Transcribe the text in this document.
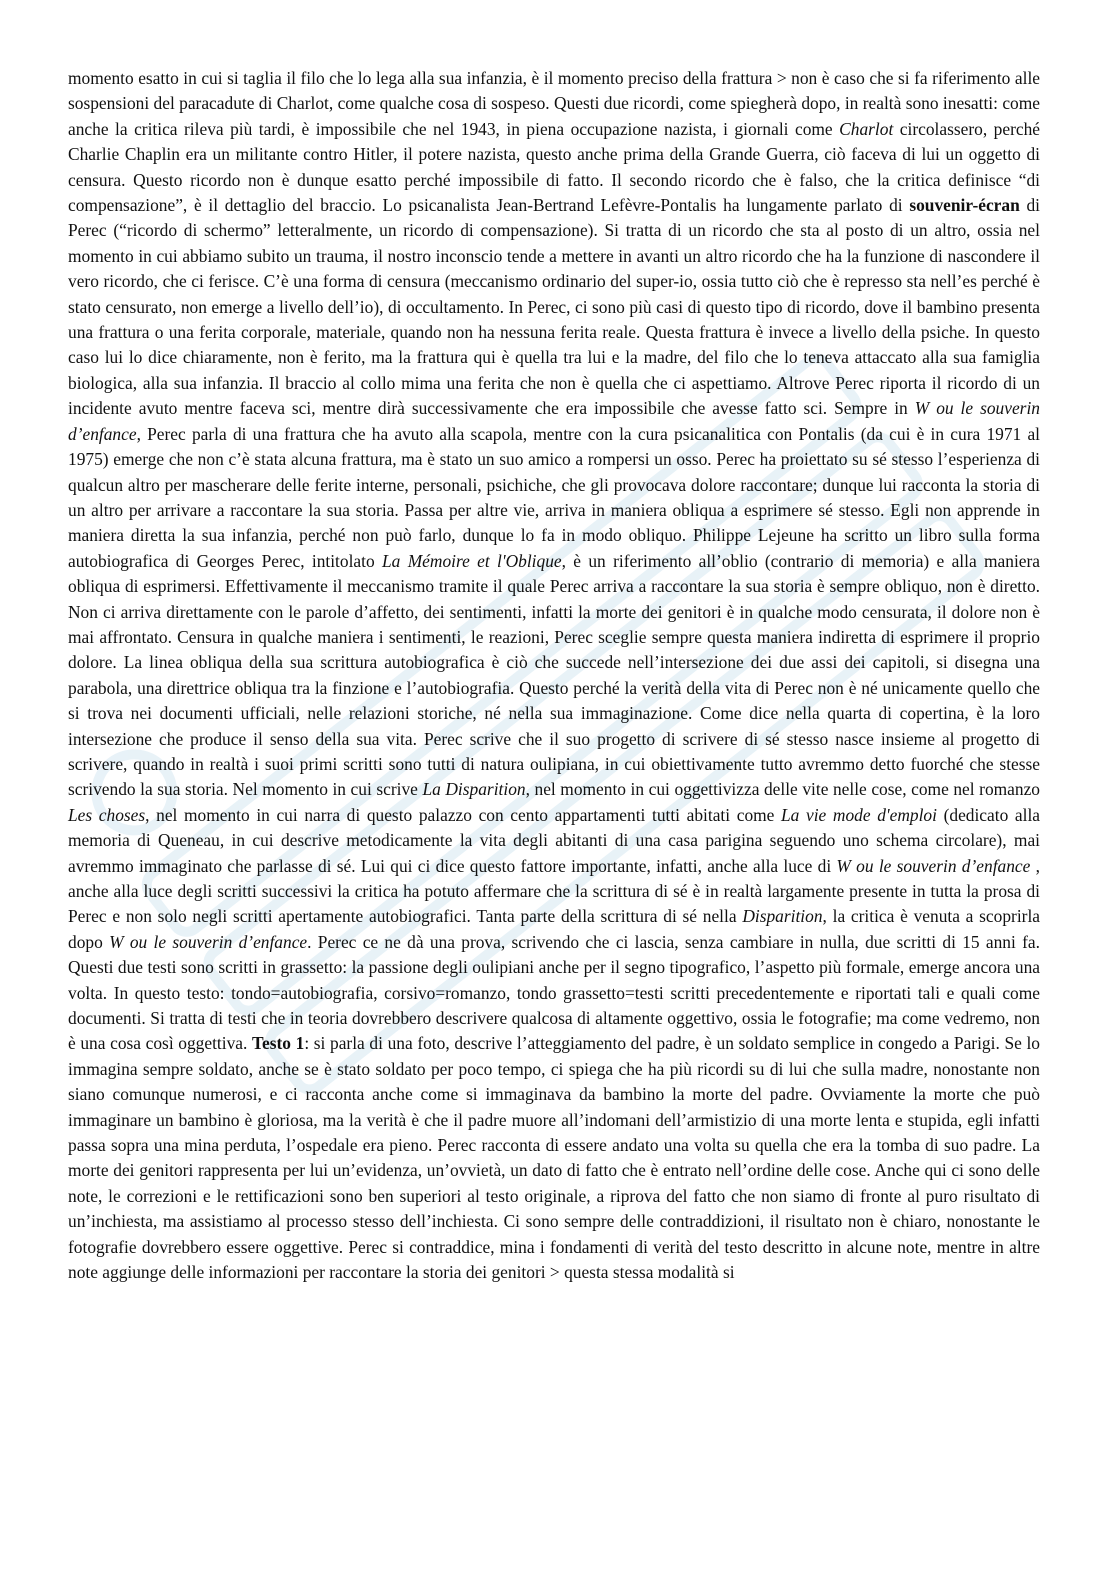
momento esatto in cui si taglia il filo che lo lega alla sua infanzia, è il momento preciso della frattura > non è caso che si fa riferimento alle sospensioni del paracadute di Charlot, come qualche cosa di sospeso. Questi due ricordi, come spiegherà dopo, in realtà sono inesatti: come anche la critica rileva più tardi, è impossibile che nel 1943, in piena occupazione nazista, i giornali come Charlot circolassero, perché Charlie Chaplin era un militante contro Hitler, il potere nazista, questo anche prima della Grande Guerra, ciò faceva di lui un oggetto di censura. Questo ricordo non è dunque esatto perché impossibile di fatto. Il secondo ricordo che è falso, che la critica definisce “di compensazione”, è il dettaglio del braccio. Lo psicanalista Jean-Bertrand Lefèvre-Pontalis ha lungamente parlato di souvenir-écran di Perec (“ricordo di schermo” letteralmente, un ricordo di compensazione). Si tratta di un ricordo che sta al posto di un altro, ossia nel momento in cui abbiamo subito un trauma, il nostro inconscio tende a mettere in avanti un altro ricordo che ha la funzione di nascondere il vero ricordo, che ci ferisce. C’è una forma di censura (meccanismo ordinario del super-io, ossia tutto ciò che è represso sta nell’es perché è stato censurato, non emerge a livello dell’io), di occultamento. In Perec, ci sono più casi di questo tipo di ricordo, dove il bambino presenta una frattura o una ferita corporale, materiale, quando non ha nessuna ferita reale. Questa frattura è invece a livello della psiche. In questo caso lui lo dice chiaramente, non è ferito, ma la frattura qui è quella tra lui e la madre, del filo che lo teneva attaccato alla sua famiglia biologica, alla sua infanzia. Il braccio al collo mima una ferita che non è quella che ci aspettiamo. Altrove Perec riporta il ricordo di un incidente avuto mentre faceva sci, mentre dirà successivamente che era impossibile che avesse fatto sci. Sempre in W ou le souverin d’enfance, Perec parla di una frattura che ha avuto alla scapola, mentre con la cura psicanalitica con Pontalis (da cui è in cura 1971 al 1975) emerge che non c’è stata alcuna frattura, ma è stato un suo amico a rompersi un osso. Perec ha proiettato su sé stesso l’esperienza di qualcun altro per mascherare delle ferite interne, personali, psichiche, che gli provocava dolore raccontare; dunque lui racconta la storia di un altro per arrivare a raccontare la sua storia. Passa per altre vie, arriva in maniera obliqua a esprimere sé stesso. Egli non apprende in maniera diretta la sua infanzia, perché non può farlo, dunque lo fa in modo obliquo. Philippe Lejeune ha scritto un libro sulla forma autobiografica di Georges Perec, intitolato La Mémoire et l'Oblique, è un riferimento all’oblio (contrario di memoria) e alla maniera obliqua di esprimersi. Effettivamente il meccanismo tramite il quale Perec arriva a raccontare la sua storia è sempre obliquo, non è diretto. Non ci arriva direttamente con le parole d’affetto, dei sentimenti, infatti la morte dei genitori è in qualche modo censurata, il dolore non è mai affrontato. Censura in qualche maniera i sentimenti, le reazioni, Perec sceglie sempre questa maniera indiretta di esprimere il proprio dolore. La linea obliqua della sua scrittura autobiografica è ciò che succede nell’intersezione dei due assi dei capitoli, si disegna una parabola, una direttrice obliqua tra la finzione e l’autobiografia. Questo perché la verità della vita di Perec non è né unicamente quello che si trova nei documenti ufficiali, nelle relazioni storiche, né nella sua immaginazione. Come dice nella quarta di copertina, è la loro intersezione che produce il senso della sua vita. Perec scrive che il suo progetto di scrivere di sé stesso nasce insieme al progetto di scrivere, quando in realtà i suoi primi scritti sono tutti di natura oulipiana, in cui obiettivamente tutto avremmo detto fuorché che stesse scrivendo la sua storia. Nel momento in cui scrive La Disparition, nel momento in cui oggettivizza delle vite nelle cose, come nel romanzo Les choses, nel momento in cui narra di questo palazzo con cento appartamenti tutti abitati come La vie mode d'emploi (dedicato alla memoria di Queneau, in cui descrive metodicamente la vita degli abitanti di una casa parigina seguendo uno schema circolare), mai avremmo immaginato che parlasse di sé. Lui qui ci dice questo fattore importante, infatti, anche alla luce di W ou le souverin d’enfance , anche alla luce degli scritti successivi la critica ha potuto affermare che la scrittura di sé è in realtà largamente presente in tutta la prosa di Perec e non solo negli scritti apertamente autobiografici. Tanta parte della scrittura di sé nella Disparition, la critica è venuta a scoprirla dopo W ou le souverin d’enfance. Perec ce ne dà una prova, scrivendo che ci lascia, senza cambiare in nulla, due scritti di 15 anni fa. Questi due testi sono scritti in grassetto: la passione degli oulipiani anche per il segno tipografico, l’aspetto più formale, emerge ancora una volta. In questo testo: tondo=autobiografia, corsivo=romanzo, tondo grassetto=testi scritti precedentemente e riportati tali e quali come documenti. Si tratta di testi che in teoria dovrebbero descrivere qualcosa di altamente oggettivo, ossia le fotografie; ma come vedremo, non è una cosa così oggettiva. Testo 1: si parla di una foto, descrive l’atteggiamento del padre, è un soldato semplice in congedo a Parigi. Se lo immagina sempre soldato, anche se è stato soldato per poco tempo, ci spiega che ha più ricordi su di lui che sulla madre, nonostante non siano comunque numerosi, e ci racconta anche come si immaginava da bambino la morte del padre. Ovviamente la morte che può immaginare un bambino è gloriosa, ma la verità è che il padre muore all’indomani dell’armistizio di una morte lenta e stupida, egli infatti passa sopra una mina perduta, l’ospedale era pieno. Perec racconta di essere andato una volta su quella che era la tomba di suo padre. La morte dei genitori rappresenta per lui un’evidenza, un’ovvietà, un dato di fatto che è entrato nell’ordine delle cose. Anche qui ci sono delle note, le correzioni e le rettificazioni sono ben superiori al testo originale, a riprova del fatto che non siamo di fronte al puro risultato di un’inchiesta, ma assistiamo al processo stesso dell’inchiesta. Ci sono sempre delle contraddizioni, il risultato non è chiaro, nonostante le fotografie dovrebbero essere oggettive. Perec si contraddice, mina i fondamenti di verità del testo descritto in alcune note, mentre in altre note aggiunge delle informazioni per raccontare la storia dei genitori > questa stessa modalità si
